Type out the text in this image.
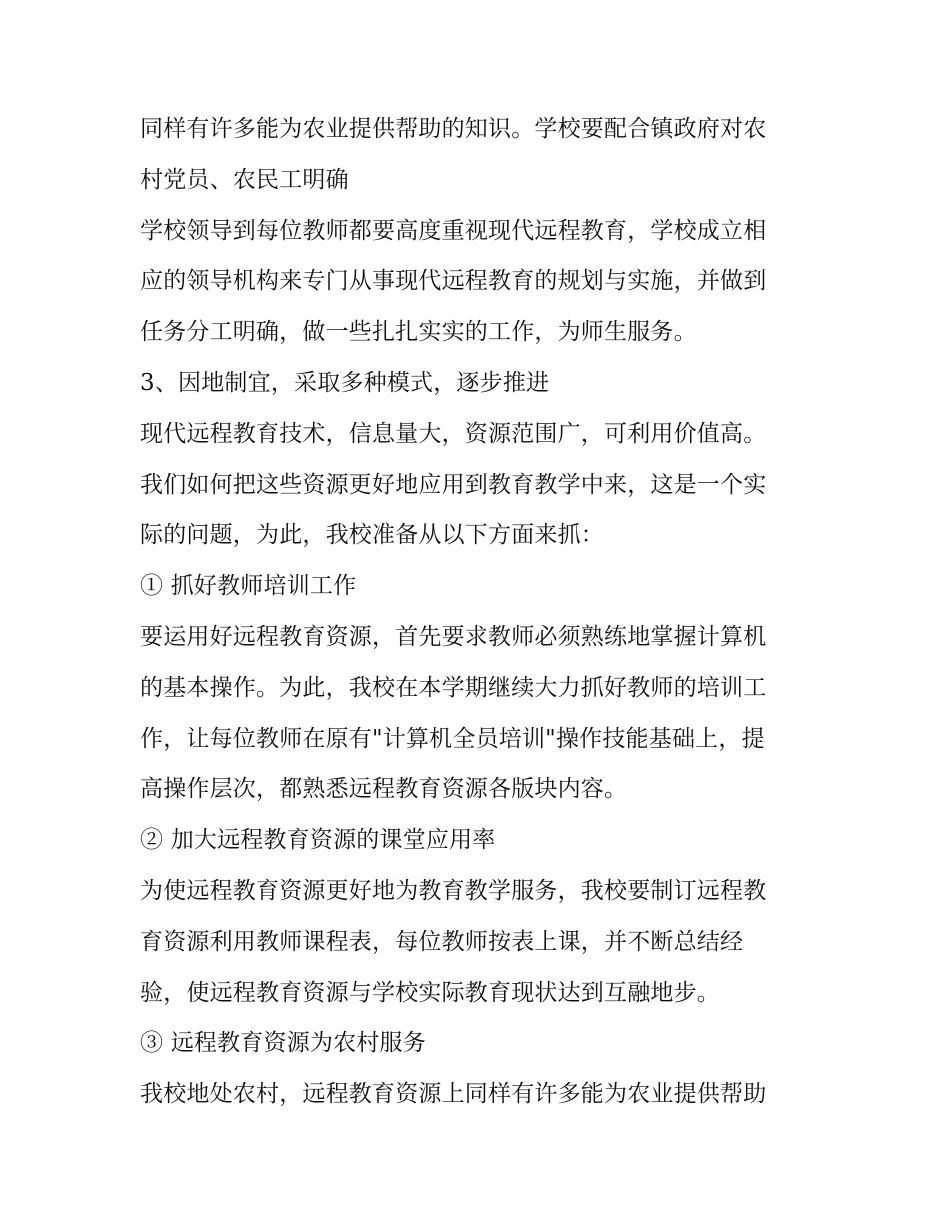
同样有许多能为农业提供帮助的知识。学校要配合镇政府对农
村党员、农民工明确
学校领导到每位教师都要高度重视现代远程教育，学校成立相
应的领导机构来专门从事现代远程教育的规划与实施，并做到
任务分工明确，做一些扎扎实实的工作，为师生服务。
3、因地制宜，采取多种模式，逐步推进
现代远程教育技术，信息量大，资源范围广，可利用价值高。
我们如何把这些资源更好地应用到教育教学中来，这是一个实
际的问题，为此，我校准备从以下方面来抓：
① 抓好教师培训工作
要运用好远程教育资源，首先要求教师必须熟练地掌握计算机
的基本操作。为此，我校在本学期继续大力抓好教师的培训工
作，让每位教师在原有"计算机全员培训"操作技能基础上，提
高操作层次，都熟悉远程教育资源各版块内容。
② 加大远程教育资源的课堂应用率
为使远程教育资源更好地为教育教学服务，我校要制订远程教
育资源利用教师课程表，每位教师按表上课，并不断总结经
验，使远程教育资源与学校实际教育现状达到互融地步。
③ 远程教育资源为农村服务
我校地处农村，远程教育资源上同样有许多能为农业提供帮助
